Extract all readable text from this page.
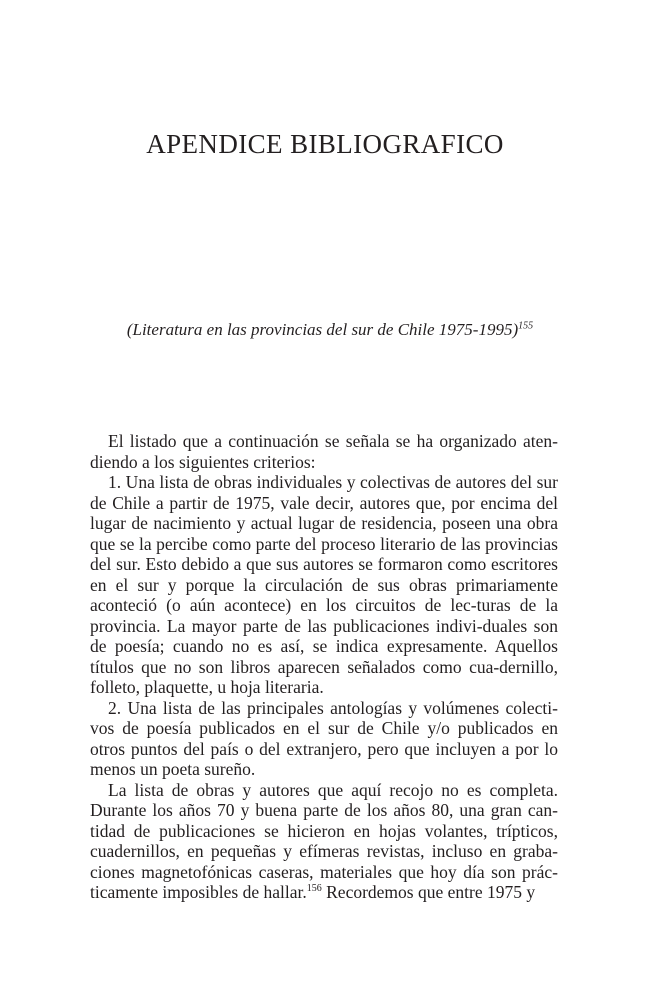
APENDICE BIBLIOGRAFICO

(Literatura en las provincias del sur de Chile 1975-1995)$^{155}$

El listado que a continuación se señala se ha organizado aten-diendo a los siguientes criterios:

1. Una lista de obras individuales y colectivas de autores del sur de Chile a partir de 1975, vale decir, autores que, por encima del lugar de nacimiento y actual lugar de residencia, poseen una obra que se la percibe como parte del proceso literario de las provincias del sur. Esto debido a que sus autores se formaron como escritores en el sur y porque la circulación de sus obras primariamente aconteció (o aún acontece) en los circuitos de lec-turas de la provincia. La mayor parte de las publicaciones indivi-duales son de poesía; cuando no es así, se indica expresamente. Aquellos títulos que no son libros aparecen señalados como cua-dernillo, folleto, plaquette, u hoja literaria.

2. Una lista de las principales antologías y volúmenes colecti-vos de poesía publicados en el sur de Chile y/o publicados en otros puntos del país o del extranjero, pero que incluyen a por lo menos un poeta sureño.

La lista de obras y autores que aquí recojo no es completa. Durante los años 70 y buena parte de los años 80, una gran can-tidad de publicaciones se hicieron en hojas volantes, trípticos, cuadernillos, en pequeñas y efímeras revistas, incluso en graba-ciones magnetofónicas caseras, materiales que hoy día son prác-ticamente imposibles de hallar.$^{156}$ Recordemos que entre 1975 y
